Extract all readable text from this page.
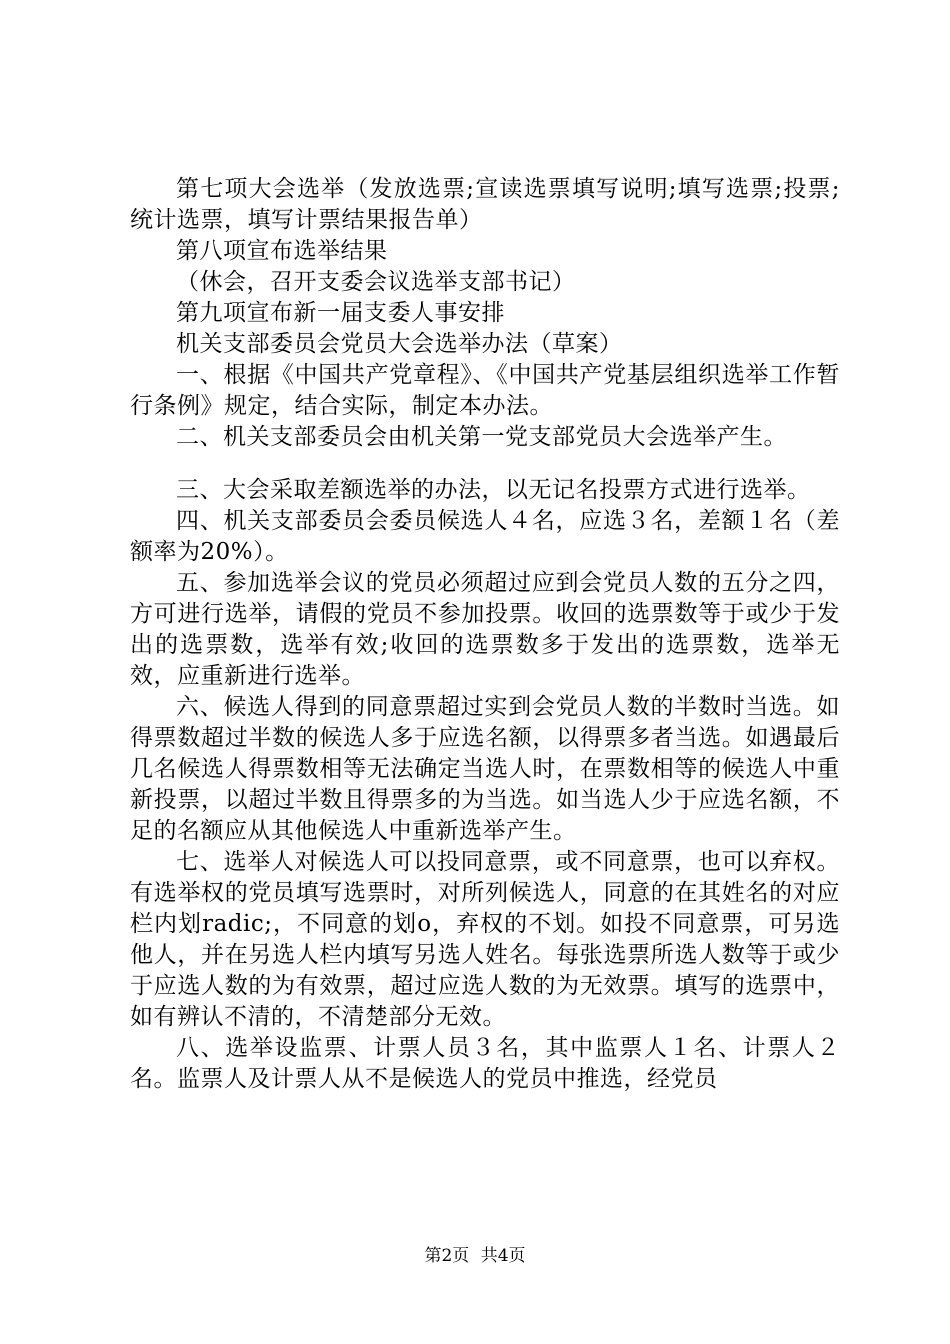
第七项大会选举（发放选票;宣读选票填写说明;填写选票;投票;统计选票，填写计票结果报告单）

第八项宣布选举结果

（休会，召开支委会议选举支部书记）

第九项宣布新一届支委人事安排

机关支部委员会党员大会选举办法（草案）

一、根据《中国共产党章程》、《中国共产党基层组织选举工作暂行条例》规定，结合实际，制定本办法。

二、机关支部委员会由机关第一党支部党员大会选举产生。

三、大会采取差额选举的办法，以无记名投票方式进行选举。

四、机关支部委员会委员候选人４名，应选３名，差额１名（差额率为20%）。

五、参加选举会议的党员必须超过应到会党员人数的五分之四，方可进行选举，请假的党员不参加投票。收回的选票数等于或少于发出的选票数，选举有效;收回的选票数多于发出的选票数，选举无效，应重新进行选举。

六、候选人得到的同意票超过实到会党员人数的半数时当选。如得票数超过半数的候选人多于应选名额，以得票多者当选。如遇最后几名候选人得票数相等无法确定当选人时，在票数相等的候选人中重新投票，以超过半数且得票多的为当选。如当选人少于应选名额，不足的名额应从其他候选人中重新选举产生。

七、选举人对候选人可以投同意票，或不同意票，也可以弃权。有选举权的党员填写选票时，对所列候选人，同意的在其姓名的对应栏内划radic;，不同意的划o，弃权的不划。如投不同意票，可另选他人，并在另选人栏内填写另选人姓名。每张选票所选人数等于或少于应选人数的为有效票，超过应选人数的为无效票。填写的选票中，如有辨认不清的，不清楚部分无效。

八、选举设监票、计票人员３名，其中监票人１名、计票人２名。监票人及计票人从不是候选人的党员中推选，经党员

第2页 共4页
